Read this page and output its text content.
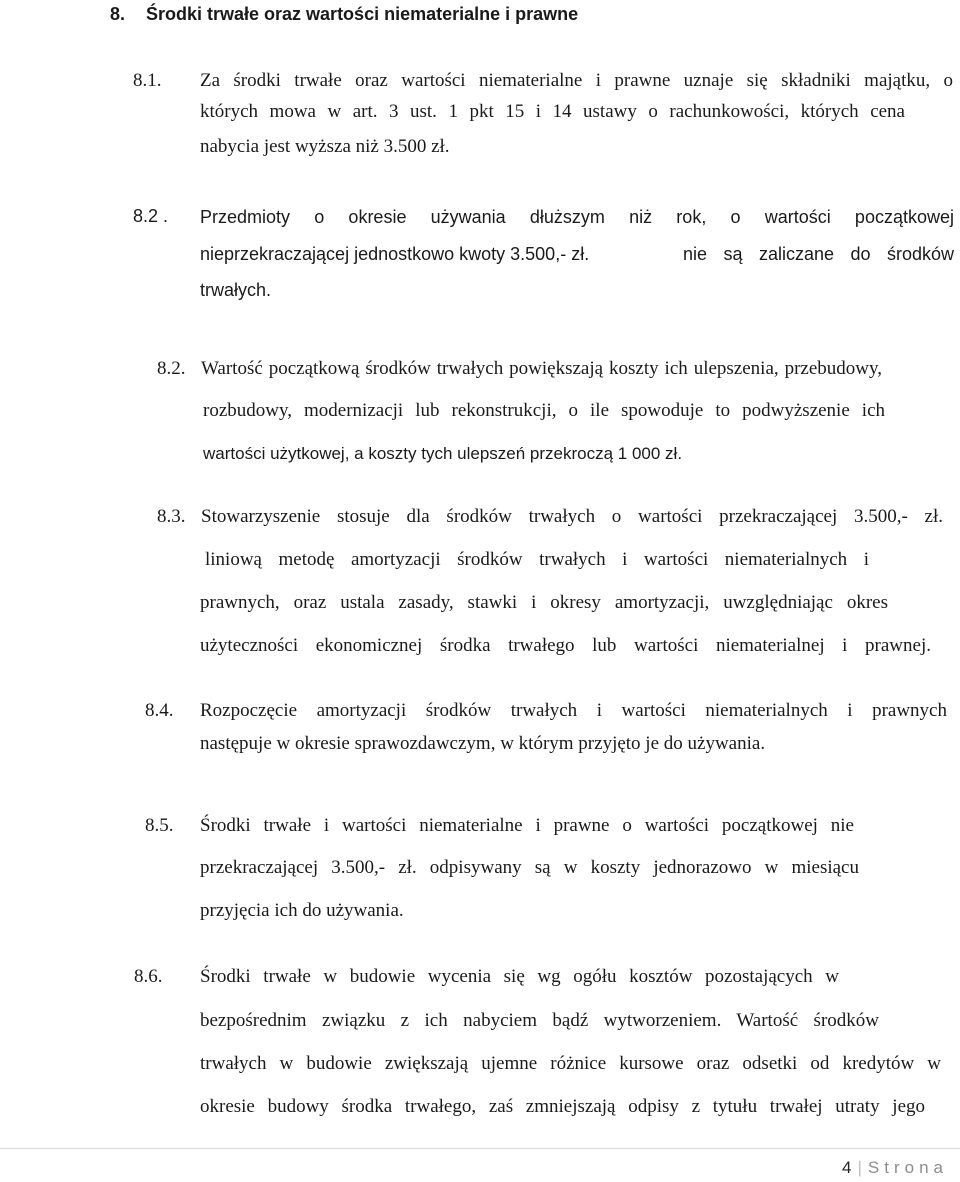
8. Środki trwałe oraz wartości niematerialne i prawne
8.1. Za środki trwałe oraz wartości niematerialne i prawne uznaje się składniki majątku, o
których mowa w art. 3 ust. 1 pkt 15 i 14 ustawy o rachunkowości, których cena
nabycia jest wyższa niż 3.500 zł.
8.2 . Przedmioty o okresie używania dłuższym niż rok, o wartości początkowej
nieprzekraczającej jednostkowo kwoty 3.500,- zł.	nie są zaliczane do środków
trwałych.
8.2. Wartość początkową środków trwałych powiększają koszty ich ulepszenia, przebudowy,
rozbudowy, modernizacji lub rekonstrukcji, o ile spowoduje to podwyższenie ich
wartości użytkowej, a koszty tych ulepszeń przekroczą 1 000 zł.
8.3. Stowarzyszenie stosuje dla środków trwałych o wartości przekraczającej 3.500,- zł.
liniową metodę amortyzacji środków trwałych i wartości niematerialnych i
prawnych, oraz ustala zasady, stawki i okresy amortyzacji, uwzględniając okres
użyteczności ekonomicznej środka trwałego lub wartości niematerialnej i prawnej.
8.4. Rozpoczęcie amortyzacji środków trwałych i wartości niematerialnych i prawnych
następuje w okresie sprawozdawczym, w którym przyjęto je do używania.
8.5. Środki trwałe i wartości niematerialne i prawne o wartości początkowej nie
przekraczającej 3.500,- zł. odpisywany są w koszty jednorazowo w miesiącu
przyjęcia ich do używania.
8.6. Środki trwałe w budowie wycenia się wg ogółu kosztów pozostających w
bezpośrednim związku z ich nabyciem bądź wytworzeniem. Wartość środków
trwałych w budowie zwiększają ujemne różnice kursowe oraz odsetki od kredytów w
okresie budowy środka trwałego, zaś zmniejszają odpisy z tytułu trwałej utraty jego
4 | Strona
